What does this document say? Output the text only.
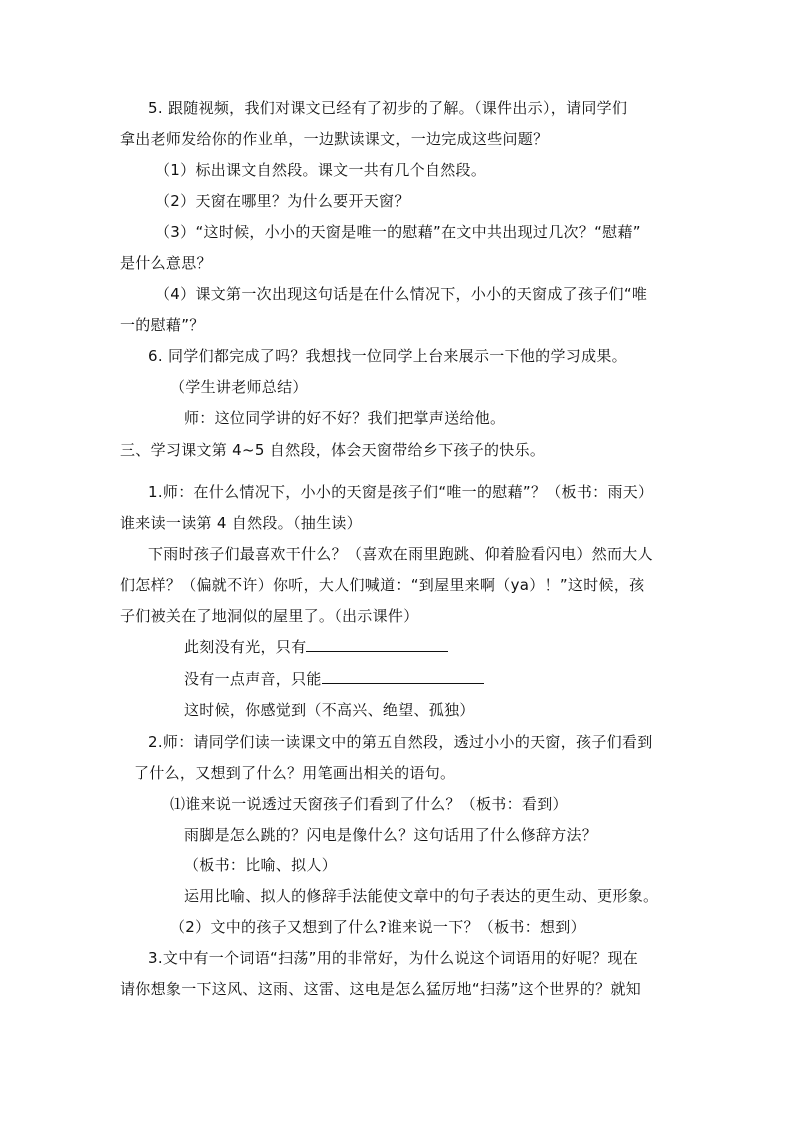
5. 跟随视频，我们对课文已经有了初步的了解。（课件出示），请同学们
拿出老师发给你的作业单，一边默读课文，一边完成这些问题？
（1）标出课文自然段。课文一共有几个自然段。
（2）天窗在哪里？为什么要开天窗？
（3）“这时候，小小的天窗是唯一的慰藉”在文中共出现过几次？“慰藉”
是什么意思？
（4）课文第一次出现这句话是在什么情况下，小小的天窗成了孩子们“唯
一的慰藉”？
6. 同学们都完成了吗？我想找一位同学上台来展示一下他的学习成果。
（学生讲老师总结）
师：这位同学讲的好不好？我们把掌声送给他。
三、学习课文第 4~5 自然段，体会天窗带给乡下孩子的快乐。
1.师：在什么情况下，小小的天窗是孩子们“唯一的慰藉”？（板书：雨天）
谁来读一读第 4 自然段。（抽生读）
下雨时孩子们最喜欢干什么？（喜欢在雨里跑跳、仰着脸看闪电）然而大人
们怎样？（偏就不许）你听，大人们喊道：“到屋里来啊（ya）！”这时候，孩
子们被关在了地洞似的屋里了。（出示课件）
此刻没有光，只有
没有一点声音，只能
这时候，你感觉到（不高兴、绝望、孤独）
2.师：请同学们读一读课文中的第五自然段，透过小小的天窗，孩子们看到
了什么，又想到了什么？用笔画出相关的语句。
⑴谁来说一说透过天窗孩子们看到了什么？（板书：看到）
雨脚是怎么跳的？闪电是像什么？这句话用了什么修辞方法？
（板书：比喻、拟人）
运用比喻、拟人的修辞手法能使文章中的句子表达的更生动、更形象。
（2）文中的孩子又想到了什么?谁来说一下？（板书：想到）
3.文中有一个词语“扫荡”用的非常好，为什么说这个词语用的好呢？现在
请你想象一下这风、这雨、这雷、这电是怎么猛厉地“扫荡”这个世界的？就知
